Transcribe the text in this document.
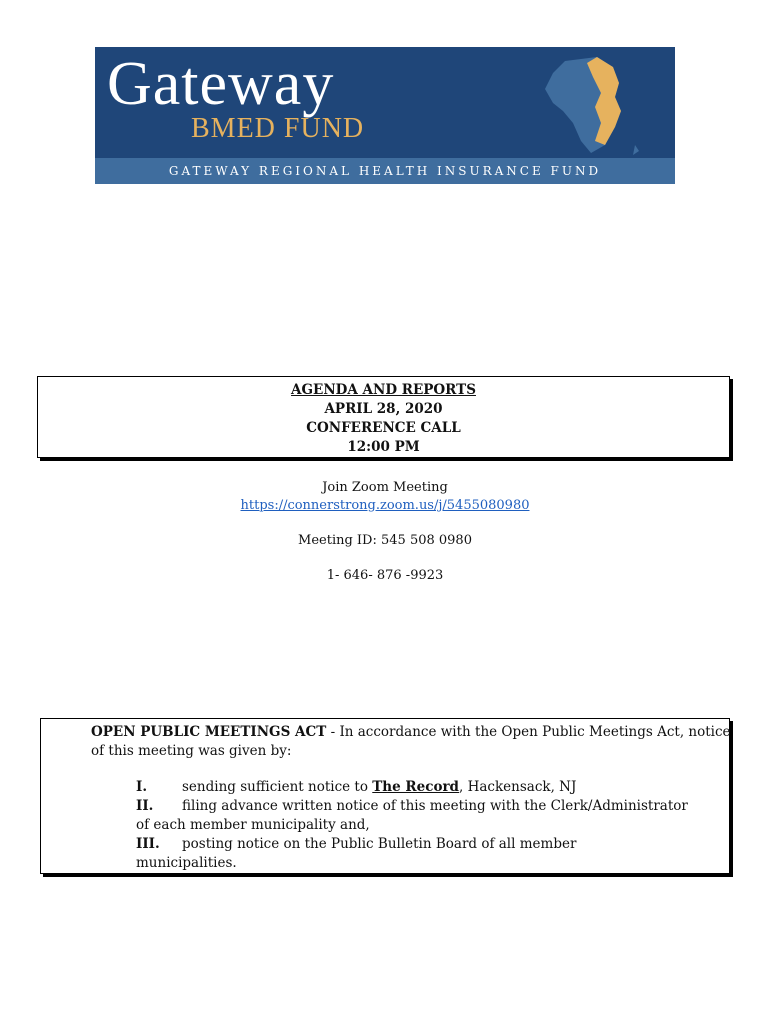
Gateway
BMED FUND
GATEWAY REGIONAL HEALTH INSURANCE FUND
AGENDA AND REPORTS
APRIL 28, 2020
CONFERENCE CALL
12:00 PM
Join Zoom Meeting
https://connerstrong.zoom.us/j/5455080980
Meeting ID: 545 508 0980
1- 646- 876 -9923
OPEN PUBLIC MEETINGS ACT - In accordance with the Open Public Meetings Act, notice of this meeting was given by:
I.	sending sufficient notice to The Record, Hackensack, NJ
II. filing advance written notice of this meeting with the Clerk/Administrator
of each member municipality and,
III. posting notice on the Public Bulletin Board of all member
municipalities.
